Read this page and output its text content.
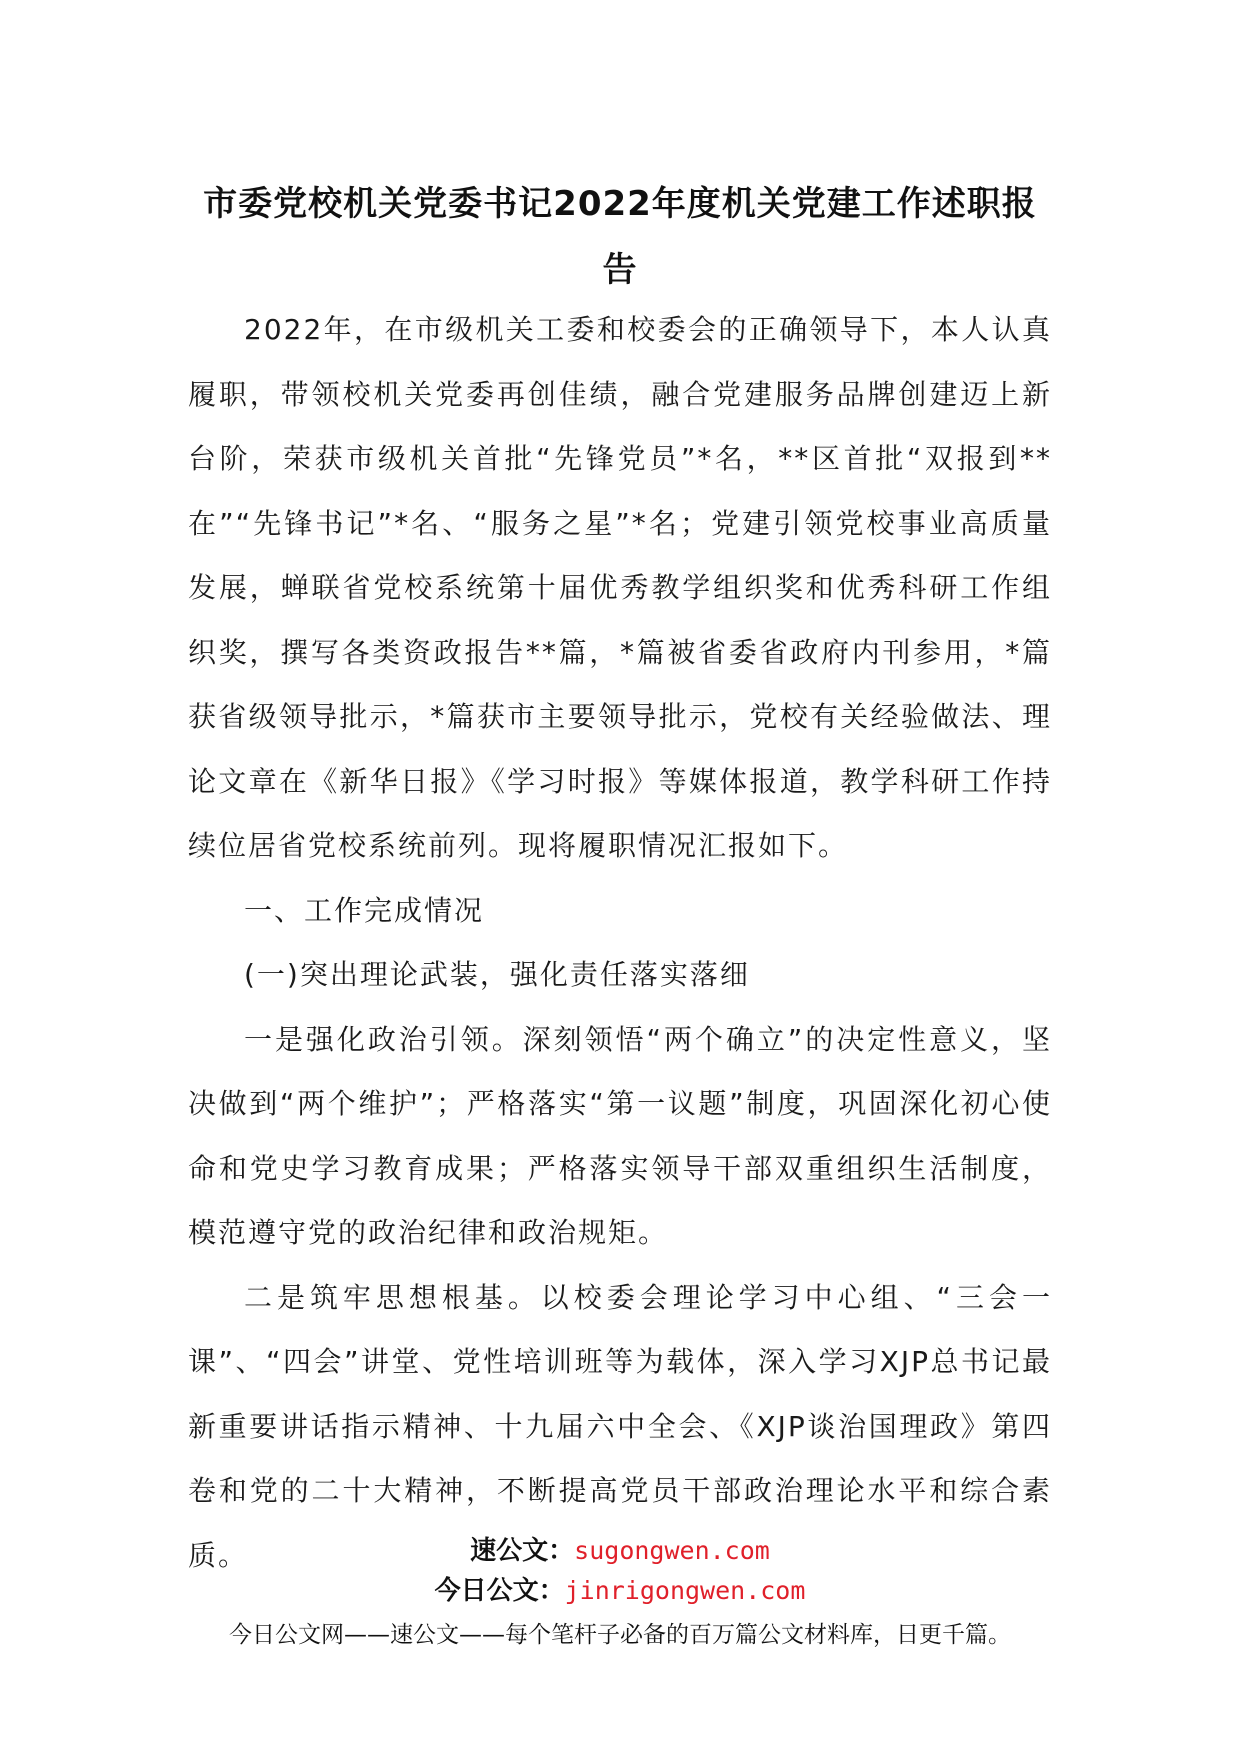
市委党校机关党委书记2022年度机关党建工作述职报
告

2022年，在市级机关工委和校委会的正确领导下，本人认真履职，带领校机关党委再创佳绩，融合党建服务品牌创建迈上新台阶，荣获市级机关首批“先锋党员”*名，**区首批“双报到**在”“先锋书记”*名、“服务之星”*名；党建引领党校事业高质量发展，蝉联省党校系统第十届优秀教学组织奖和优秀科研工作组织奖，撰写各类资政报告**篇，*篇被省委省政府内刊参用，*篇获省级领导批示，*篇获市主要领导批示，党校有关经验做法、理论文章在《新华日报》《学习时报》等媒体报道，教学科研工作持续位居省党校系统前列。现将履职情况汇报如下。

一、工作完成情况

(一)突出理论武装，强化责任落实落细

一是强化政治引领。深刻领悟“两个确立”的决定性意义，坚决做到“两个维护”；严格落实“第一议题”制度，巩固深化初心使命和党史学习教育成果；严格落实领导干部双重组织生活制度，模范遵守党的政治纪律和政治规矩。

二是筑牢思想根基。以校委会理论学习中心组、“三会一课”、“四会”讲堂、党性培训班等为载体，深入学习XJP总书记最新重要讲话指示精神、十九届六中全会、《XJP谈治国理政》第四卷和党的二十大精神，不断提高党员干部政治理论水平和综合素质。	速公文：sugongwen.com
今日公文：jinrigongwen.com
今日公文网——速公文——每个笔杆子必备的百万篇公文材料库，日更千篇。
